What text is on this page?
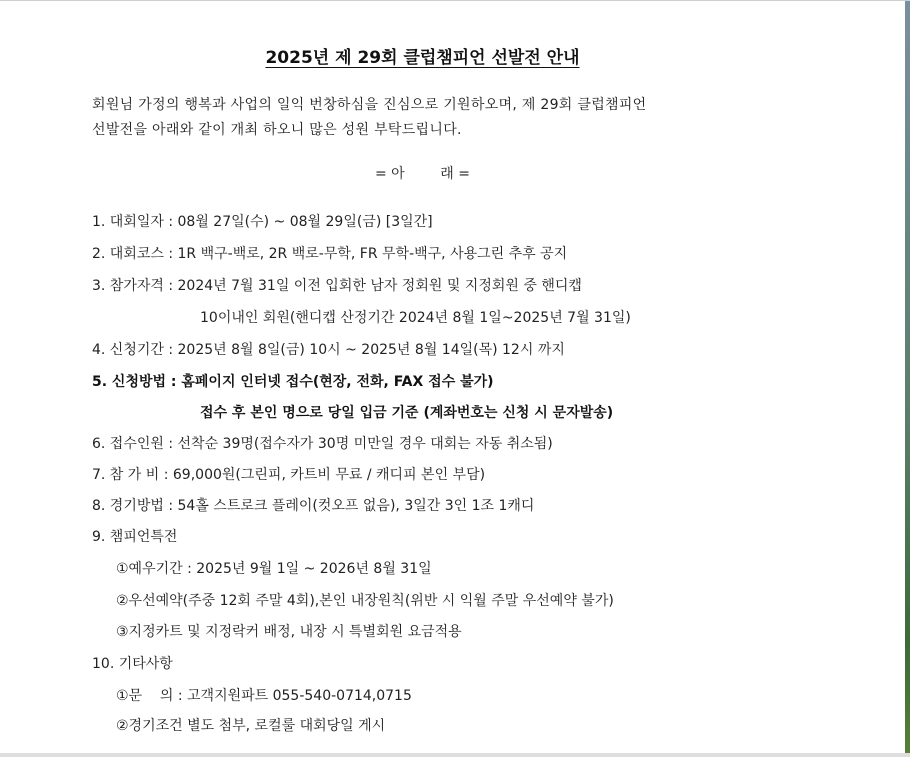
2025년 제 29회 클럽챔피언 선발전 안내
회원님 가정의 행복과 사업의 일익 번창하심을 진심으로 기원하오며, 제 29회 클럽챔피언
선발전을 아래와 같이 개최 하오니 많은 성원 부탁드립니다.
= 아        래 =
1. 대회일자 : 08월 27일(수) ~ 08월 29일(금) [3일간]
2. 대회코스 : 1R 백구-백로, 2R 백로-무학, FR 무학-백구, 사용그린 추후 공지
3. 참가자격 : 2024년 7월 31일 이전 입회한 남자 정회원 및 지정회원 중 핸디캡
10이내인 회원(핸디캡 산정기간 2024년 8월 1일~2025년 7월 31일)
4. 신청기간 : 2025년 8월 8일(금) 10시 ~ 2025년 8월 14일(목) 12시 까지
5. 신청방법 : 홈페이지 인터넷 접수(현장, 전화, FAX 접수 불가)
접수 후 본인 명으로 당일 입금 기준 (계좌번호는 신청 시 문자발송)
6. 접수인원 : 선착순 39명(접수자가 30명 미만일 경우 대회는 자동 취소됨)
7. 참 가 비 : 69,000원(그린피, 카트비 무료 / 캐디피 본인 부담)
8. 경기방법 : 54홀 스트로크 플레이(컷오프 없음), 3일간 3인 1조 1캐디
9. 챔피언특전
①예우기간 : 2025년 9월 1일 ~ 2026년 8월 31일
②우선예약(주중 12회 주말 4회),본인 내장원칙(위반 시 익월 주말 우선예약 불가)
③지정카트 및 지정락커 배정, 내장 시 특별회원 요금적용
10. 기타사항
①문    의 : 고객지원파트 055-540-0714,0715
②경기조건 별도 첨부, 로컬룰 대회당일 게시
